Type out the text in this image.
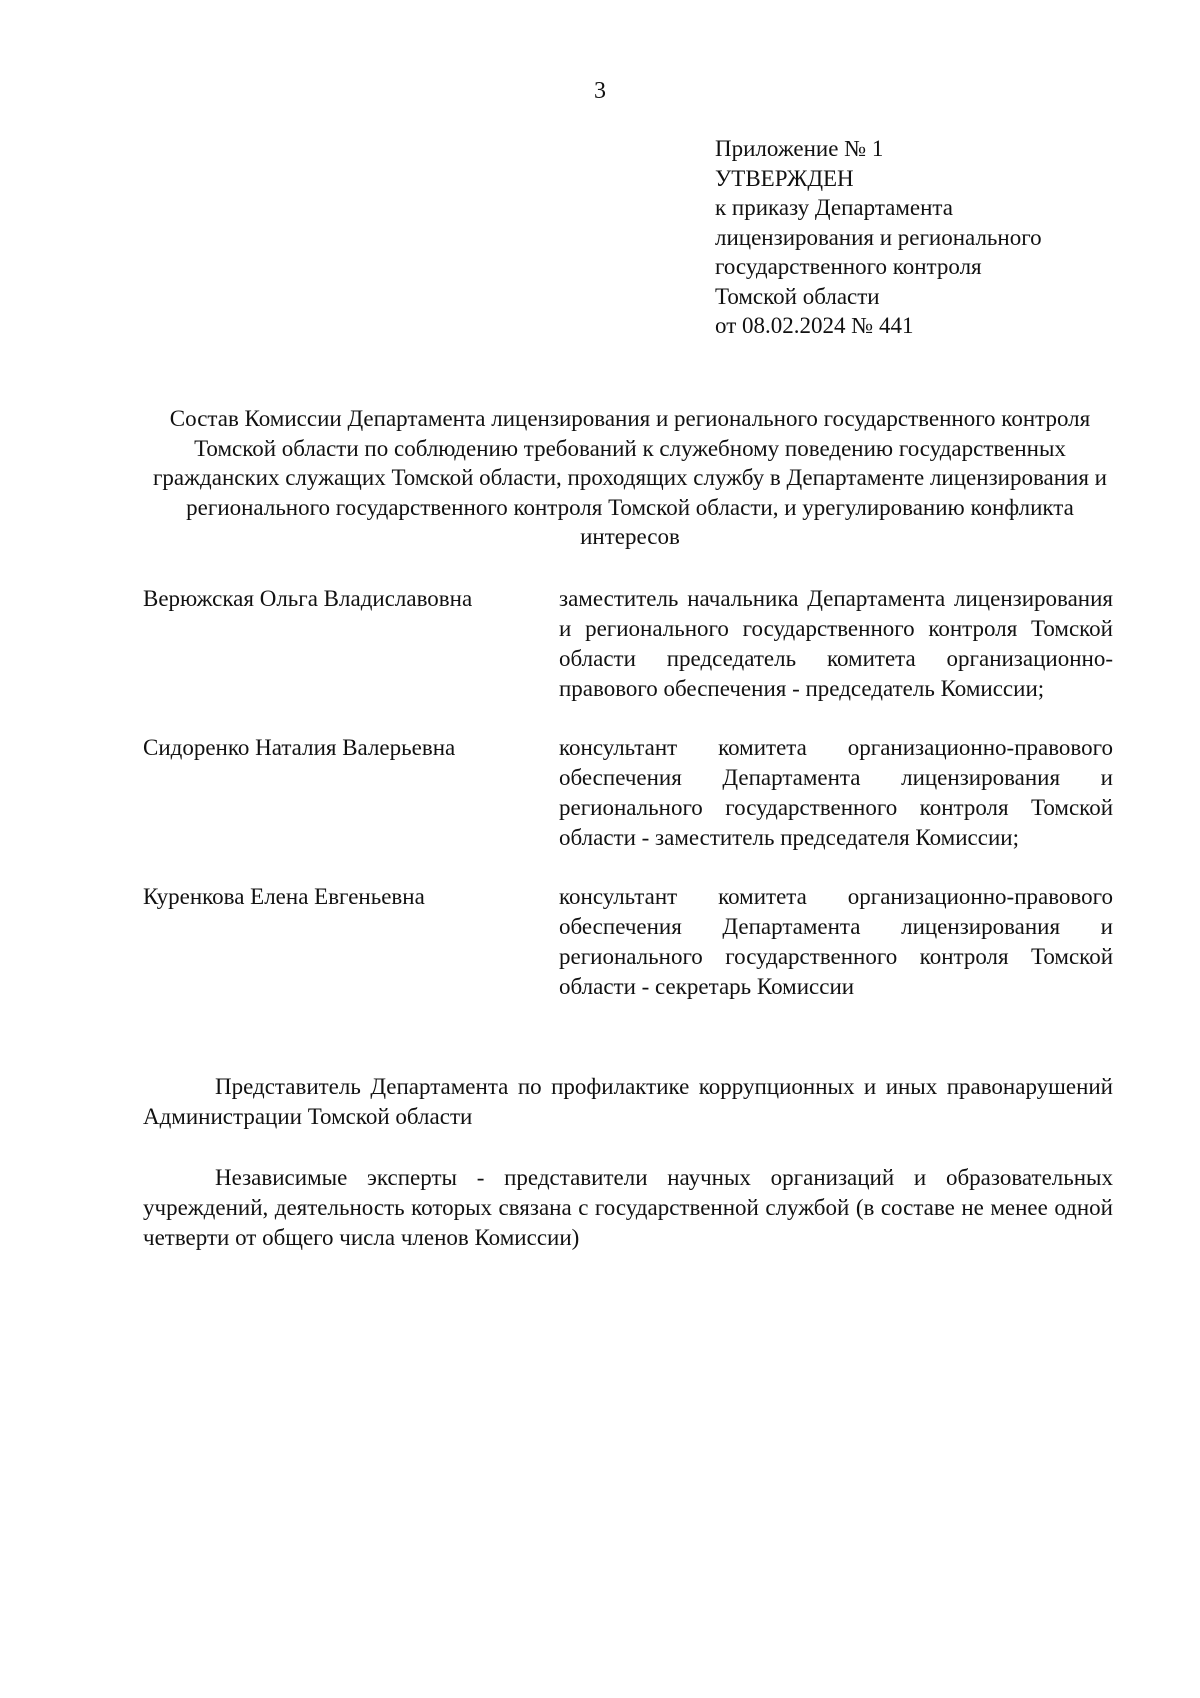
3
Приложение № 1
УТВЕРЖДЕН
к приказу Департамента
лицензирования и регионального
государственного контроля
Томской области
от 08.02.2024 № 441
Состав Комиссии Департамента лицензирования и регионального государственного контроля Томской области по соблюдению требований к служебному поведению государственных гражданских служащих Томской области, проходящих службу в Департаменте лицензирования и регионального государственного контроля Томской области, и урегулированию конфликта интересов
Верюжская Ольга Владиславовна	заместитель начальника Департамента лицензирования и регионального государственного контроля Томской области председатель комитета организационно-правового обеспечения - председатель Комиссии;
Сидоренко Наталия Валерьевна	консультант комитета организационно-правового обеспечения Департамента лицензирования и регионального государственного контроля Томской области - заместитель председателя Комиссии;
Куренкова Елена Евгеньевна	консультант комитета организационно-правового обеспечения Департамента лицензирования и регионального государственного контроля Томской области - секретарь Комиссии
Представитель Департамента по профилактике коррупционных и иных правонарушений Администрации Томской области
Независимые эксперты - представители научных организаций и образовательных учреждений, деятельность которых связана с государственной службой (в составе не менее одной четверти от общего числа членов Комиссии)
